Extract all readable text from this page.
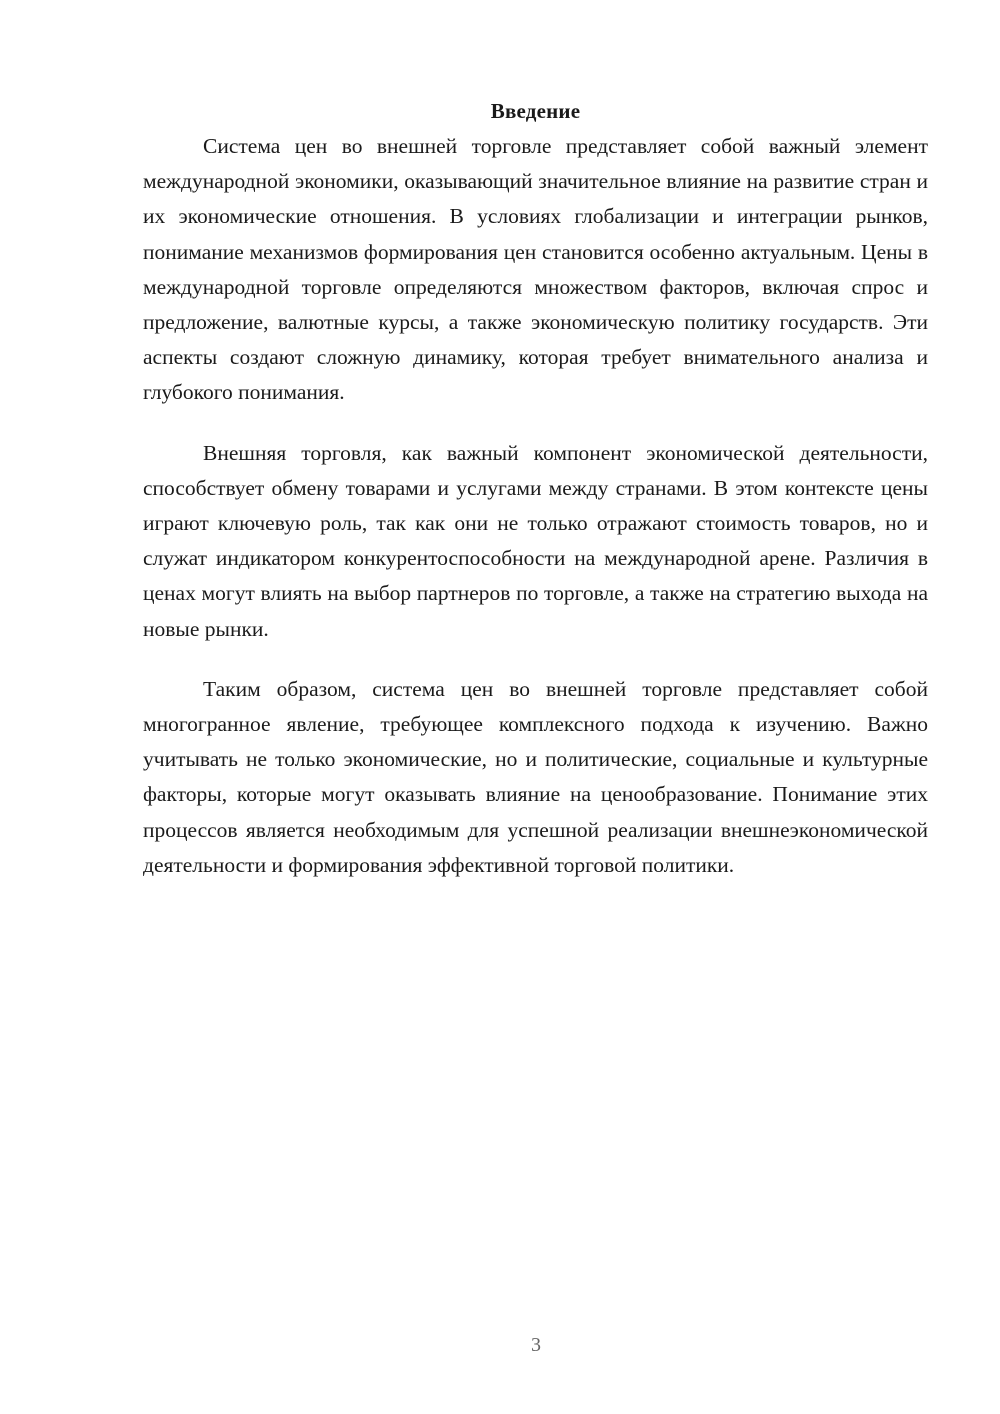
Введение

Система цен во внешней торговле представляет собой важный элемент международной экономики, оказывающий значительное влияние на развитие стран и их экономические отношения. В условиях глобализации и интеграции рынков, понимание механизмов формирования цен становится особенно актуальным. Цены в международной торговле определяются множеством факторов, включая спрос и предложение, валютные курсы, а также экономическую политику государств. Эти аспекты создают сложную динамику, которая требует внимательного анализа и глубокого понимания.

Внешняя торговля, как важный компонент экономической деятельности, способствует обмену товарами и услугами между странами. В этом контексте цены играют ключевую роль, так как они не только отражают стоимость товаров, но и служат индикатором конкурентоспособности на международной арене. Различия в ценах могут влиять на выбор партнеров по торговле, а также на стратегию выхода на новые рынки.

Таким образом, система цен во внешней торговле представляет собой многогранное явление, требующее комплексного подхода к изучению. Важно учитывать не только экономические, но и политические, социальные и культурные факторы, которые могут оказывать влияние на ценообразование. Понимание этих процессов является необходимым для успешной реализации внешнеэкономической деятельности и формирования эффективной торговой политики.

3
